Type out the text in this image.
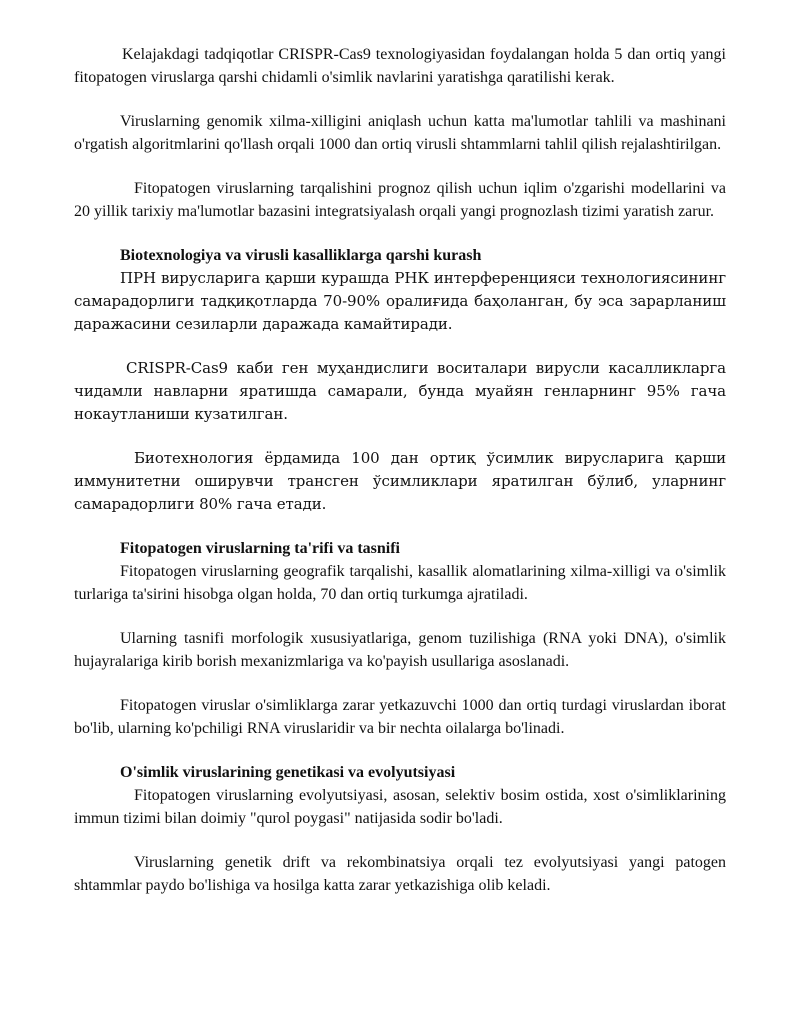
Kelajakdagi tadqiqotlar CRISPR-Cas9 texnologiyasidan foydalangan holda 5 dan ortiq yangi fitopatogen viruslarga qarshi chidamli o'simlik navlarini yaratishga qaratilishi kerak.

Viruslarning genomik xilma-xilligini aniqlash uchun katta ma'lumotlar tahlili va mashinani o'rgatish algoritmlarini qo'llash orqali 1000 dan ortiq virusli shtammlarni tahlil qilish rejalashtirilgan.

Fitopatogen viruslarning tarqalishini prognoz qilish uchun iqlim o'zgarishi modellarini va 20 yillik tarixiy ma'lumotlar bazasini integratsiyalash orqali yangi prognozlash tizimi yaratish zarur.

Biotexnologiya va virusli kasalliklarga qarshi kurash

ПРН вирусларига қарши курашда РНК интерференцияси технологиясининг самарадорлиги тадқиқотларда 70-90% оралиғида баҳоланган, бу эса зарарланиш даражасини сезиларли даражада камайтиради.

CRISPR-Cas9 каби ген муҳандислиги воситалари вирусли касалликларга чидамли навларни яратишда самарали, бунда муайян генларнинг 95% гача нокаутланиши кузатилган.

Биотехнология ёрдамида 100 дан ортиқ ўсимлик вирусларига қарши иммунитетни оширувчи трансген ўсимликлари яратилган бўлиб, уларнинг самарадорлиги 80% гача етади.

Fitopatogen viruslarning ta'rifi va tasnifi

Fitopatogen viruslarning geografik tarqalishi, kasallik alomatlarining xilma-xilligi va o'simlik turlariga ta'sirini hisobga olgan holda, 70 dan ortiq turkumga ajratiladi.

Ularning tasnifi morfologik xususiyatlariga, genom tuzilishiga (RNA yoki DNA), o'simlik hujayralariga kirib borish mexanizmlariga va ko'payish usullariga asoslanadi.

Fitopatogen viruslar o'simliklarga zarar yetkazuvchi 1000 dan ortiq turdagi viruslardan iborat bo'lib, ularning ko'pchiligi RNA viruslaridir va bir nechta oilalarga bo'linadi.

O'simlik viruslarining genetikasi va evolyutsiyasi

Fitopatogen viruslarning evolyutsiyasi, asosan, selektiv bosim ostida, xost o'simliklarining immun tizimi bilan doimiy "qurol poygasi" natijasida sodir bo'ladi.

Viruslarning genetik drift va rekombinatsiya orqali tez evolyutsiyasi yangi patogen shtammlar paydo bo'lishiga va hosilga katta zarar yetkazishiga olib keladi.
